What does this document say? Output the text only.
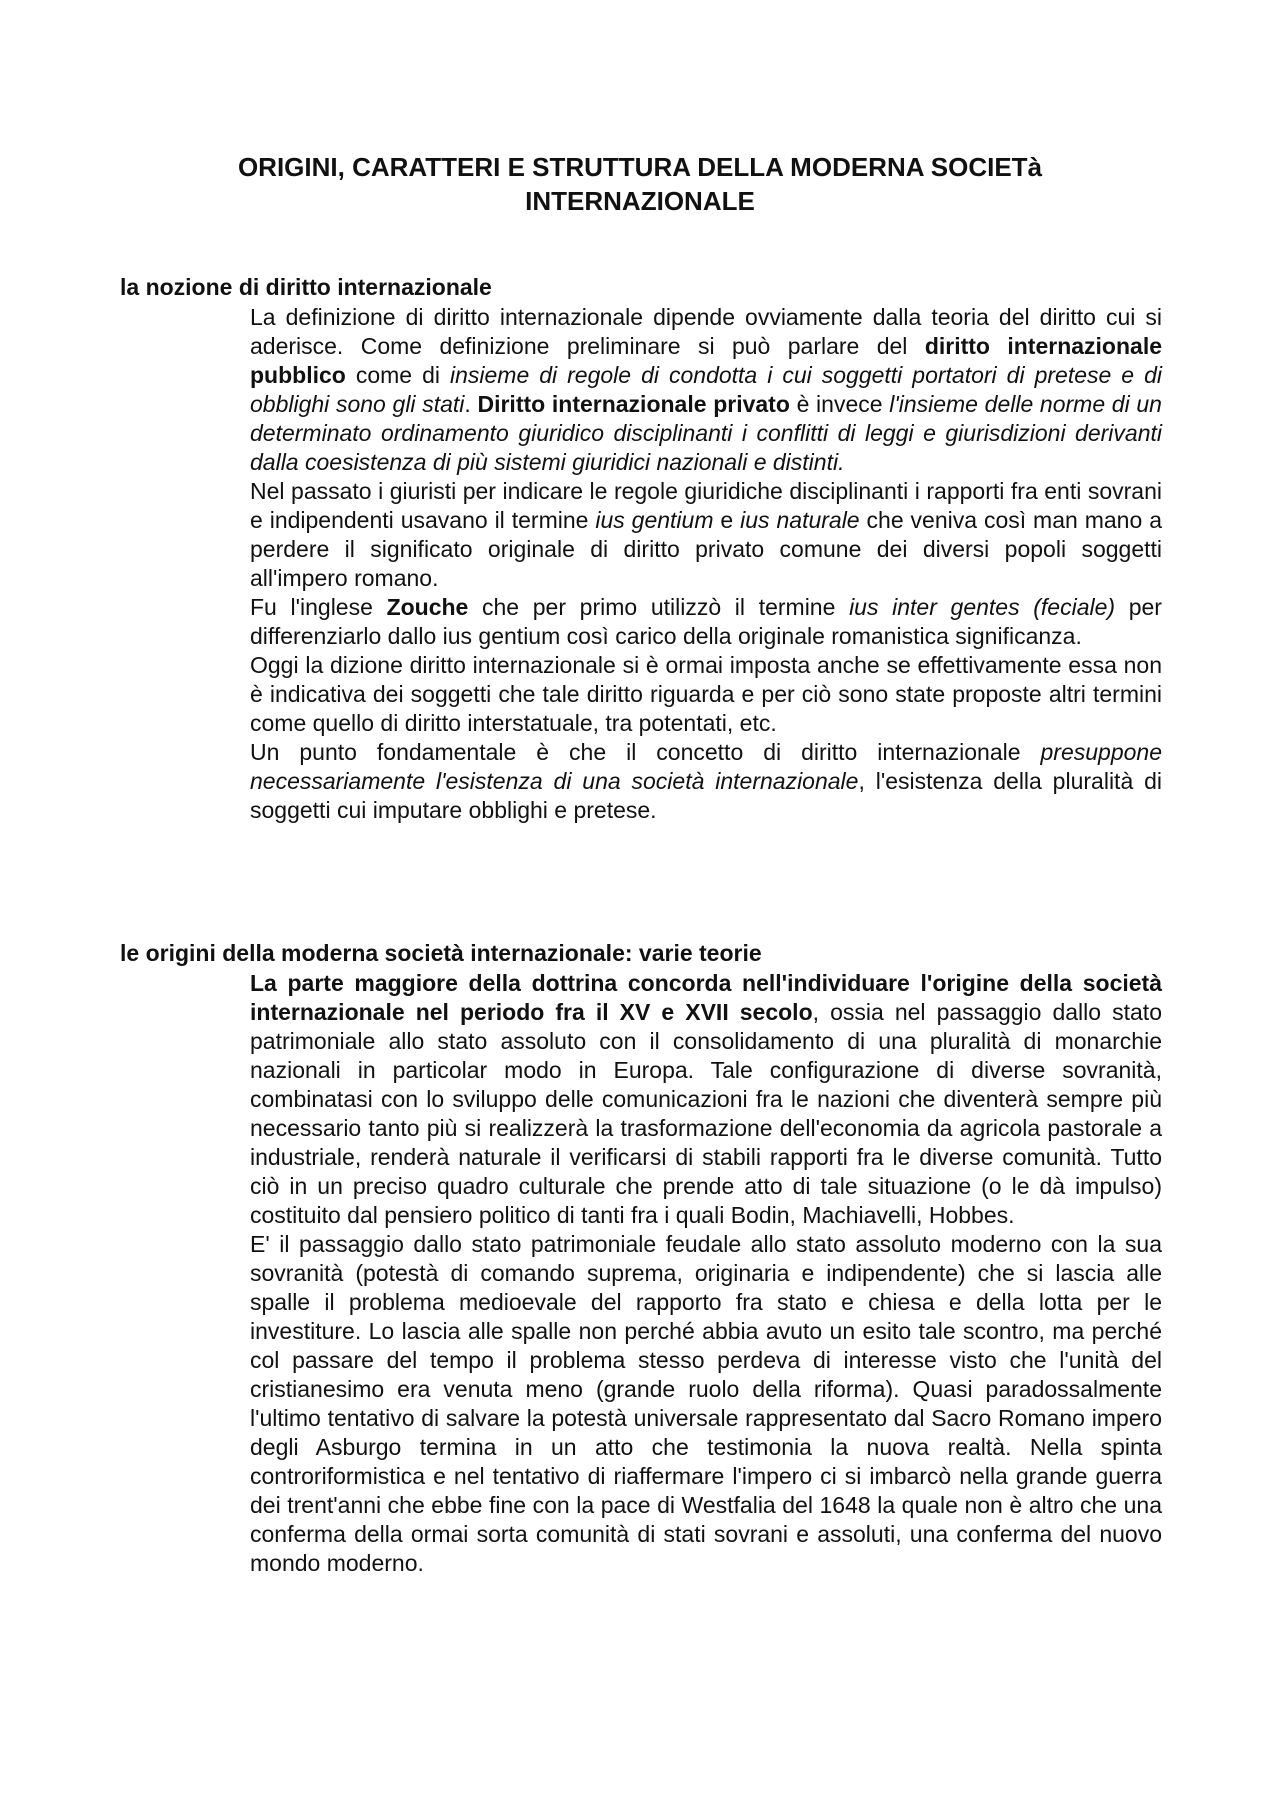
ORIGINI, CARATTERI E STRUTTURA DELLA MODERNA SOCIETà
INTERNAZIONALE
la nozione di diritto internazionale

La definizione di diritto internazionale dipende ovviamente dalla teoria del diritto cui si aderisce. Come definizione preliminare si può parlare del diritto internazionale pubblico come di insieme di regole di condotta i cui soggetti portatori di pretese e di obblighi sono gli stati. Diritto internazionale privato è invece l'insieme delle norme di un determinato ordinamento giuridico disciplinanti i conflitti di leggi e giurisdizioni derivanti dalla coesistenza di più sistemi giuridici nazionali e distinti.

Nel passato i giuristi per indicare le regole giuridiche disciplinanti i rapporti fra enti sovrani e indipendenti usavano il termine ius gentium e ius naturale che veniva così man mano a perdere il significato originale di diritto privato comune dei diversi popoli soggetti all'impero romano.

Fu l'inglese Zouche che per primo utilizzò il termine ius inter gentes (feciale) per differenziarlo dallo ius gentium così carico della originale romanistica significanza.

Oggi la dizione diritto internazionale si è ormai imposta anche se effettivamente essa non è indicativa dei soggetti che tale diritto riguarda e per ciò sono state proposte altri termini come quello di diritto interstatuale, tra potentati, etc.

Un punto fondamentale è che il concetto di diritto internazionale presuppone necessariamente l'esistenza di una società internazionale, l'esistenza della pluralità di soggetti cui imputare obblighi e pretese.

le origini della moderna società internazionale: varie teorie

La parte maggiore della dottrina concorda nell'individuare l'origine della società internazionale nel periodo fra il XV e XVII secolo, ossia nel passaggio dallo stato patrimoniale allo stato assoluto con il consolidamento di una pluralità di monarchie nazionali in particolar modo in Europa. Tale configurazione di diverse sovranità, combinatasi con lo sviluppo delle comunicazioni fra le nazioni che diventerà sempre più necessario tanto più si realizzerà la trasformazione dell'economia da agricola pastorale a industriale, renderà naturale il verificarsi di stabili rapporti fra le diverse comunità. Tutto ciò in un preciso quadro culturale che prende atto di tale situazione (o le dà impulso) costituito dal pensiero politico di tanti fra i quali Bodin, Machiavelli, Hobbes.

E' il passaggio dallo stato patrimoniale feudale allo stato assoluto moderno con la sua sovranità (potestà di comando suprema, originaria e indipendente) che si lascia alle spalle il problema medioevale del rapporto fra stato e chiesa e della lotta per le investiture. Lo lascia alle spalle non perché abbia avuto un esito tale scontro, ma perché col passare del tempo il problema stesso perdeva di interesse visto che l'unità del cristianesimo era venuta meno (grande ruolo della riforma). Quasi paradossalmente l'ultimo tentativo di salvare la potestà universale rappresentato dal Sacro Romano impero degli Asburgo termina in un atto che testimonia la nuova realtà. Nella spinta controriformistica e nel tentativo di riaffermare l'impero ci si imbarcò nella grande guerra dei trent'anni che ebbe fine con la pace di Westfalia del 1648 la quale non è altro che una conferma della ormai sorta comunità di stati sovrani e assoluti, una conferma del nuovo mondo moderno.
